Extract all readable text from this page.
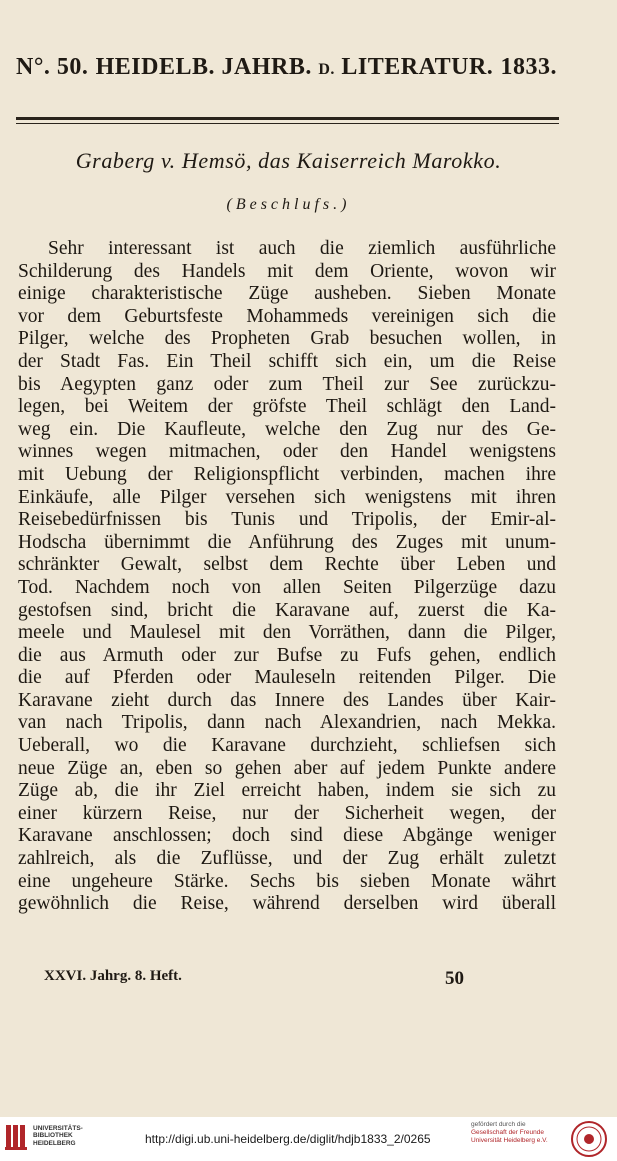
N°. 50. HEIDELB. JAHRB. D. LITERATUR. 1833.
Graberg v. Hemsö, das Kaiserreich Marokko.
(Beschlufs.)
Sehr interessant ist auch die ziemlich ausführliche
Schilderung des Handels mit dem Oriente, wovon wir
einige charakteristische Züge ausheben. Sieben Monate
vor dem Geburtsfeste Mohammeds vereinigen sich die
Pilger, welche des Propheten Grab besuchen wollen, in
der Stadt Fas. Ein Theil schifft sich ein, um die Reise
bis Aegypten ganz oder zum Theil zur See zurückzu-
legen, bei Weitem der gröfste Theil schlägt den Land-
weg ein. Die Kaufleute, welche den Zug nur des Ge-
winnes wegen mitmachen, oder den Handel wenigstens
mit Uebung der Religionspflicht verbinden, machen ihre
Einkäufe, alle Pilger versehen sich wenigstens mit ihren
Reisebedürfnissen bis Tunis und Tripolis, der Emir-al-
Hodscha übernimmt die Anführung des Zuges mit unum-
schränkter Gewalt, selbst dem Rechte über Leben und
Tod. Nachdem noch von allen Seiten Pilgerzüge dazu
gestofsen sind, bricht die Karavane auf, zuerst die Ka-
meele und Maulesel mit den Vorräthen, dann die Pilger,
die aus Armuth oder zur Bufse zu Fufs gehen, endlich
die auf Pferden oder Mauleseln reitenden Pilger. Die
Karavane zieht durch das Innere des Landes über Kair-
van nach Tripolis, dann nach Alexandrien, nach Mekka.
Ueberall, wo die Karavane durchzieht, schliefsen sich
neue Züge an, eben so gehen aber auf jedem Punkte andere
Züge ab, die ihr Ziel erreicht haben, indem sie sich zu
einer kürzern Reise, nur der Sicherheit wegen, der
Karavane anschlossen; doch sind diese Abgänge weniger
zahlreich, als die Zuflüsse, und der Zug erhält zuletzt
eine ungeheure Stärke. Sechs bis sieben Monate währt
gewöhnlich die Reise, während derselben wird überall
XXVI. Jahrg. 8. Heft.	50
UNIVERSITÄTS-
BIBLIOTHEK
HEIDELBERG	http://digi.ub.uni-heidelberg.de/diglit/hdjb1833_2/0265
gefördert durch die
Gesellschaft der Freunde
Universität Heidelberg e.V.
